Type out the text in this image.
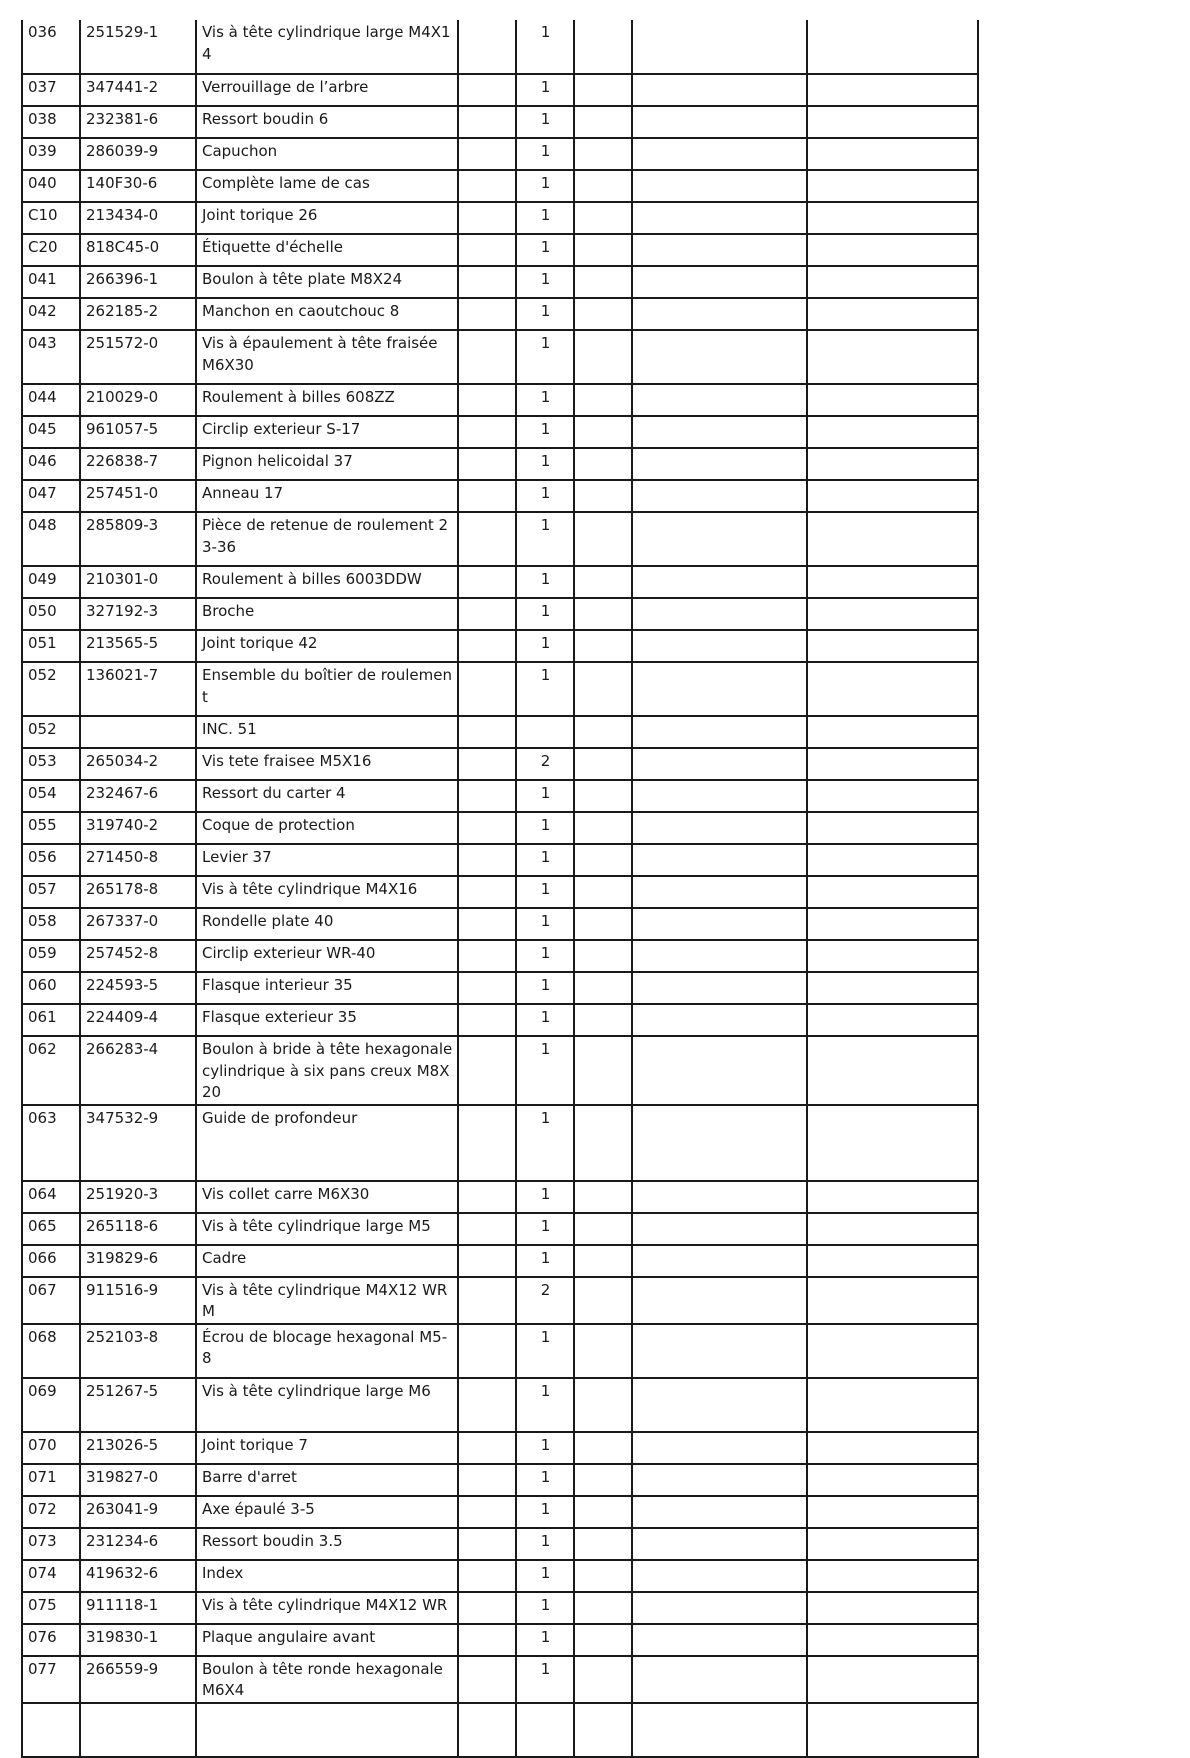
036	251529-1	Vis à tête cylindrique large M4X14		1			
037	347441-2	Verrouillage de l’arbre		1			
038	232381-6	Ressort boudin 6		1			
039	286039-9	Capuchon		1			
040	140F30-6	Complète lame de cas		1			
C10	213434-0	Joint torique 26		1			
C20	818C45-0	Étiquette d'échelle		1			
041	266396-1	Boulon à tête plate M8X24		1			
042	262185-2	Manchon en caoutchouc 8		1			
043	251572-0	Vis à épaulement à tête fraisée M6X30		1			
044	210029-0	Roulement à billes 608ZZ		1			
045	961057-5	Circlip exterieur S-17		1			
046	226838-7	Pignon helicoidal 37		1			
047	257451-0	Anneau 17		1			
048	285809-3	Pièce de retenue de roulement 23-36		1			
049	210301-0	Roulement à billes 6003DDW		1			
050	327192-3	Broche		1			
051	213565-5	Joint torique 42		1			
052	136021-7	Ensemble du boîtier de roulement		1			
052		INC. 51					
053	265034-2	Vis tete fraisee M5X16		2			
054	232467-6	Ressort du carter 4		1			
055	319740-2	Coque de protection		1			
056	271450-8	Levier 37		1			
057	265178-8	Vis à tête cylindrique M4X16		1			
058	267337-0	Rondelle plate 40		1			
059	257452-8	Circlip exterieur WR-40		1			
060	224593-5	Flasque interieur 35		1			
061	224409-4	Flasque exterieur 35		1			
062	266283-4	Boulon à bride à tête hexagonale cylindrique à six pans creux M8X20		1			
063	347532-9	Guide de profondeur		1			
064	251920-3	Vis collet carre M6X30		1			
065	265118-6	Vis à tête cylindrique large M5		1			
066	319829-6	Cadre		1			
067	911516-9	Vis à tête cylindrique M4X12 WRM		2			
068	252103-8	Écrou de blocage hexagonal M5-8		1			
069	251267-5	Vis à tête cylindrique large M6		1			
070	213026-5	Joint torique 7		1			
071	319827-0	Barre d'arret		1			
072	263041-9	Axe épaulé 3-5		1			
073	231234-6	Ressort boudin 3.5		1			
074	419632-6	Index		1			
075	911118-1	Vis à tête cylindrique M4X12 WR		1			
076	319830-1	Plaque angulaire avant		1			
077	266559-9	Boulon à tête ronde hexagonale M6X4		1			
